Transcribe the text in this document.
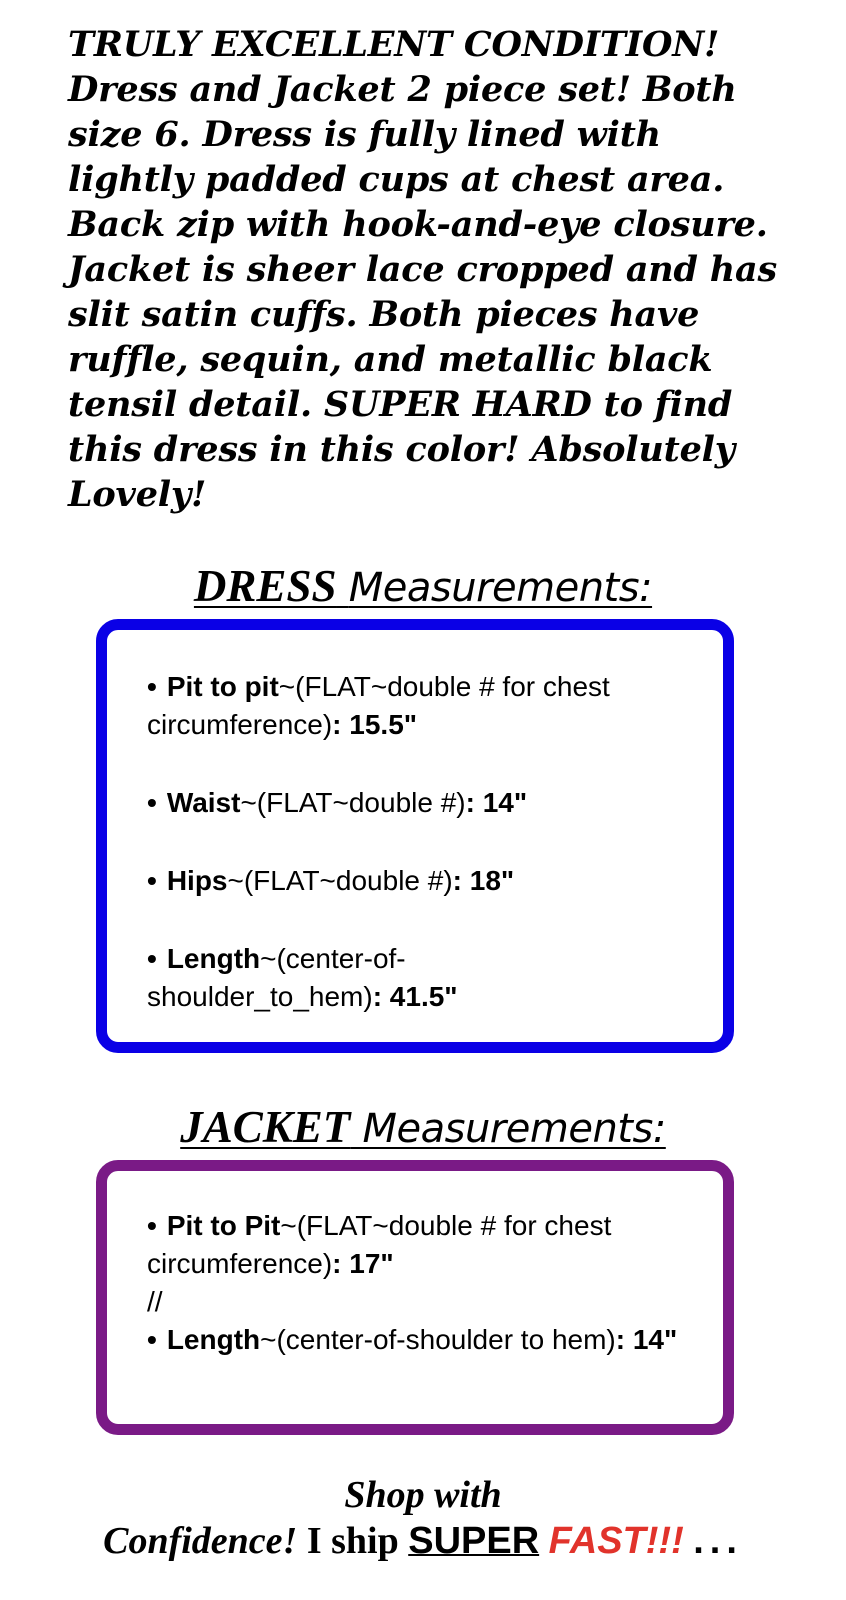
TRULY EXCELLENT CONDITION! Dress and Jacket 2 piece set! Both size 6. Dress is fully lined with lightly padded cups at chest area. Back zip with hook-and-eye closure. Jacket is sheer lace cropped and has slit satin cuffs. Both pieces have ruffle, sequin, and metallic black tensil detail. SUPER HARD to find this dress in this color! Absolutely Lovely!

DRESS Measurements:
• Pit to pit~(FLAT~double # for chest circumference): 15.5"
• Waist~(FLAT~double #): 14"
• Hips~(FLAT~double #): 18"
• Length~(center-of-shoulder_to_hem): 41.5"
JACKET Measurements:
• Pit to Pit~(FLAT~double # for chest circumference): 17"
//
• Length~(center-of-shoulder to hem): 14"
Shop with
Confidence! I ship SUPER FAST!!! ...
